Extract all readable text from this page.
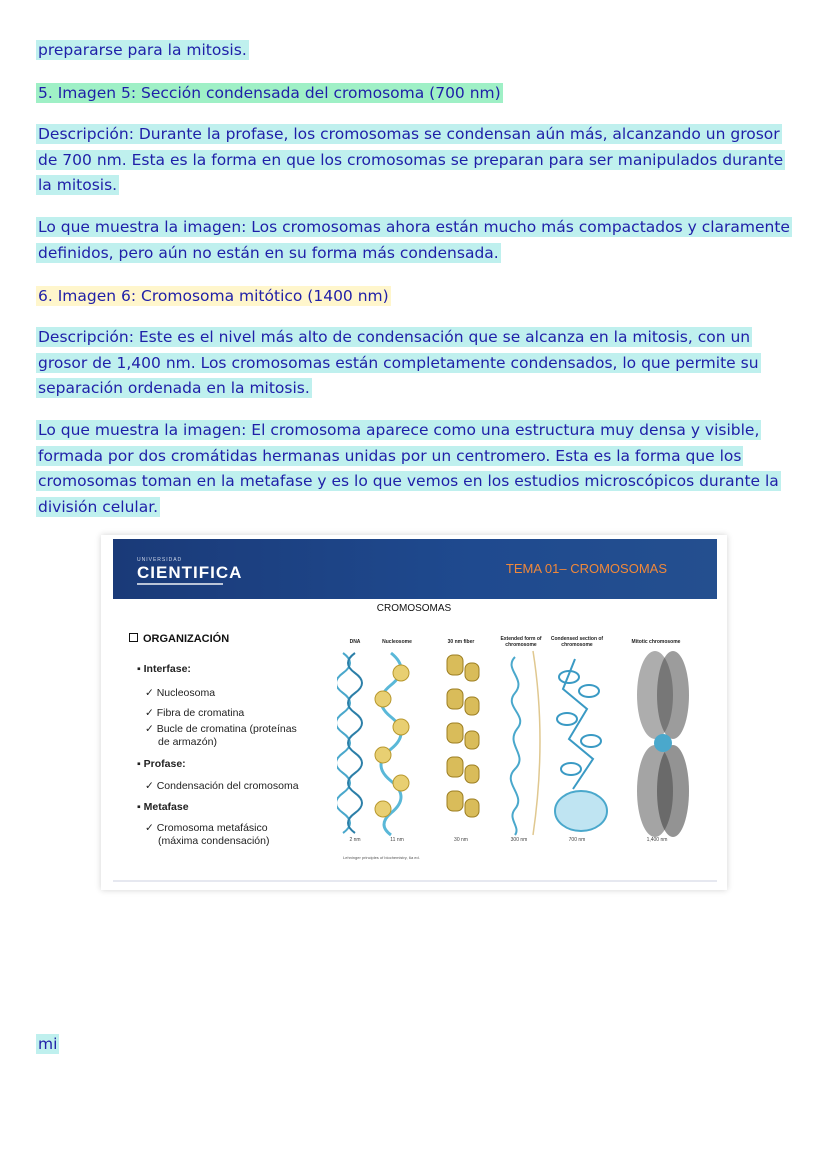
prepararse para la mitosis.
5. Imagen 5: Sección condensada del cromosoma (700 nm)
Descripción: Durante la profase, los cromosomas se condensan aún más, alcanzando un grosor de 700 nm. Esta es la forma en que los cromosomas se preparan para ser manipulados durante la mitosis.
Lo que muestra la imagen: Los cromosomas ahora están mucho más compactados y claramente definidos, pero aún no están en su forma más condensada.
6. Imagen 6: Cromosoma mitótico (1400 nm)
Descripción: Este es el nivel más alto de condensación que se alcanza en la mitosis, con un grosor de 1,400 nm. Los cromosomas están completamente condensados, lo que permite su separación ordenada en la mitosis.
Lo que muestra la imagen: El cromosoma aparece como una estructura muy densa y visible, formada por dos cromátidas hermanas unidas por un centromero. Esta es la forma que los cromosomas toman en la metafase y es lo que vemos en los estudios microscópicos durante la división celular.
UNIVERSIDAD
CIENTIFICA	TEMA 01– CROMOSOMAS
CROMOSOMAS
ORGANIZACIÓN
▪ Interfase:
✓ Nucleosoma
✓ Fibra de cromatina
✓ Bucle de cromatina (proteínas
de armazón)
▪ Profase:
✓ Condensación del cromosoma
▪ Metafase
✓ Cromosoma metafásico
(máxima condensación)
DNA	Nucleosome	30 nm fiber	Extended form of chromosome
Condensed section of chromosome	Mitotic chromosome
2 nm	11 nm	30 nm	300 nm	700 nm	1,400 nm
Lehninger principles of biochemistry, 6a ed.
mi
